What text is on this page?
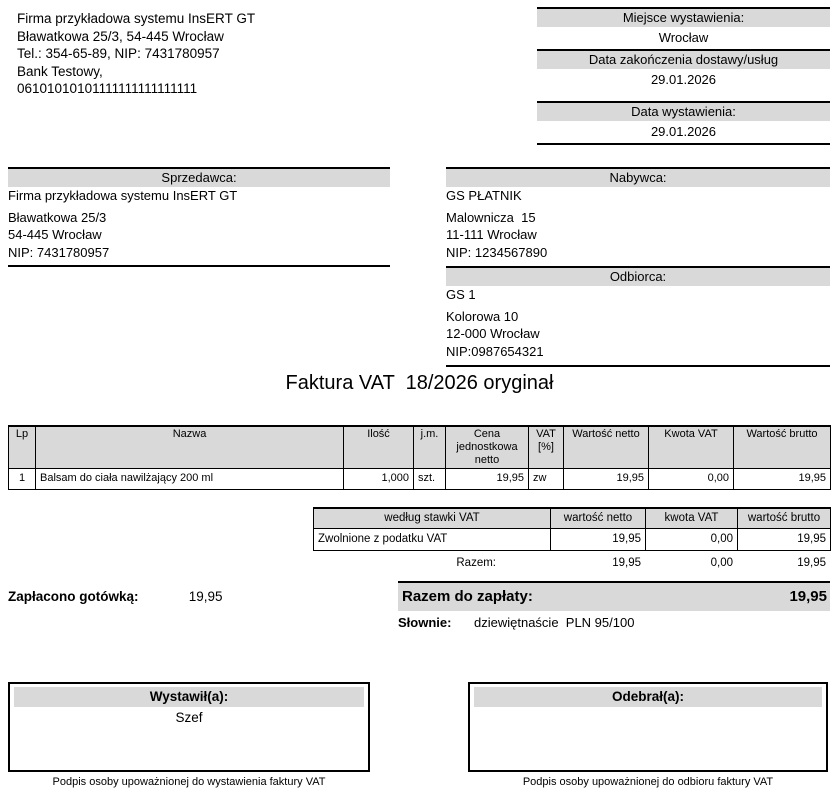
Firma przykładowa systemu InsERT GT
Bławatkowa 25/3, 54-445 Wrocław
Tel.: 354-65-89, NIP: 7431780957
Bank Testowy,
06101010101111111111111111
Miejsce wystawienia:
Wrocław
Data zakończenia dostawy/usług
29.01.2026
Data wystawienia:
29.01.2026
Sprzedawca:
Firma przykładowa systemu InsERT GT
Bławatkowa 25/3
54-445 Wrocław
NIP: 7431780957
Nabywca:
GS PŁATNIK
Malownicza  15
11-111 Wrocław
NIP: 1234567890
Odbiorca:
GS 1
Kolorowa 10
12-000 Wrocław
NIP:0987654321
Faktura VAT  18/2026 oryginał
Lp	Nazwa	Ilość	j.m.	Cena jednostkowa netto	VAT [%]	Wartość netto	Kwota VAT	Wartość brutto
1	Balsam do ciała nawilżający 200 ml	1,000	szt.	19,95	zw	19,95	0,00	19,95
według stawki VAT	wartość netto	kwota VAT	wartość brutto
Zwolnione z podatku VAT	19,95	0,00	19,95
Razem:	19,95	0,00	19,95
Zapłacono gotówką:	19,95	Razem do zapłaty:	19,95
Słownie:	dziewiętnaście  PLN 95/100
Wystawił(a):
Szef
Podpis osoby upoważnionej do wystawienia faktury VAT
Odebrał(a):
Podpis osoby upoważnionej do odbioru faktury VAT
